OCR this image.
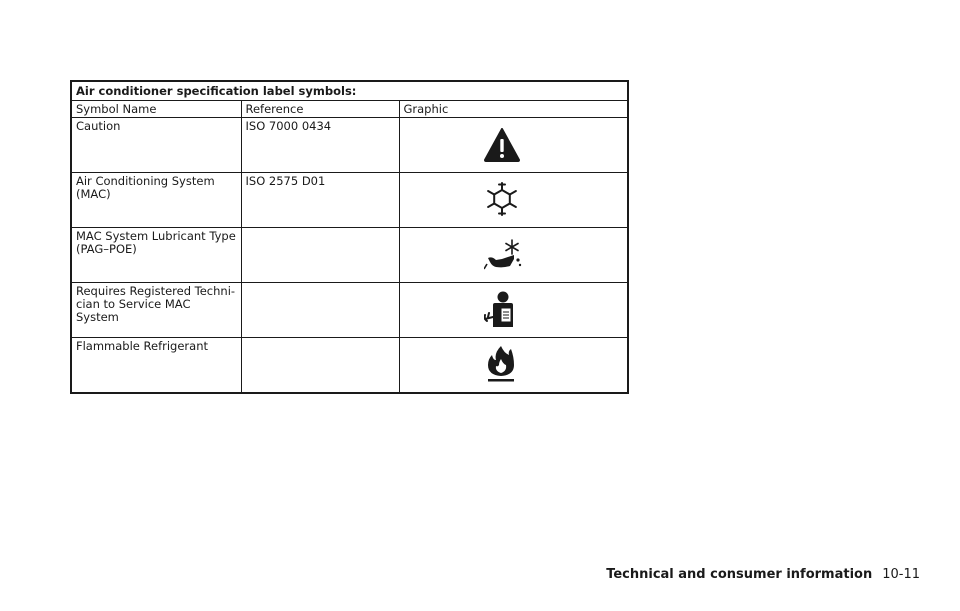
Air conditioner specification label symbols:		
Symbol Name	Reference	Graphic
Caution	ISO 7000 0434	

Air Conditioning System
(MAC)	ISO 2575 D01	

MAC System Lubricant Type
(PAG–POE)		

Requires Registered Techni-
cian to Service MAC System		

Flammable Refrigerant		
Technical and consumer information 10-11
